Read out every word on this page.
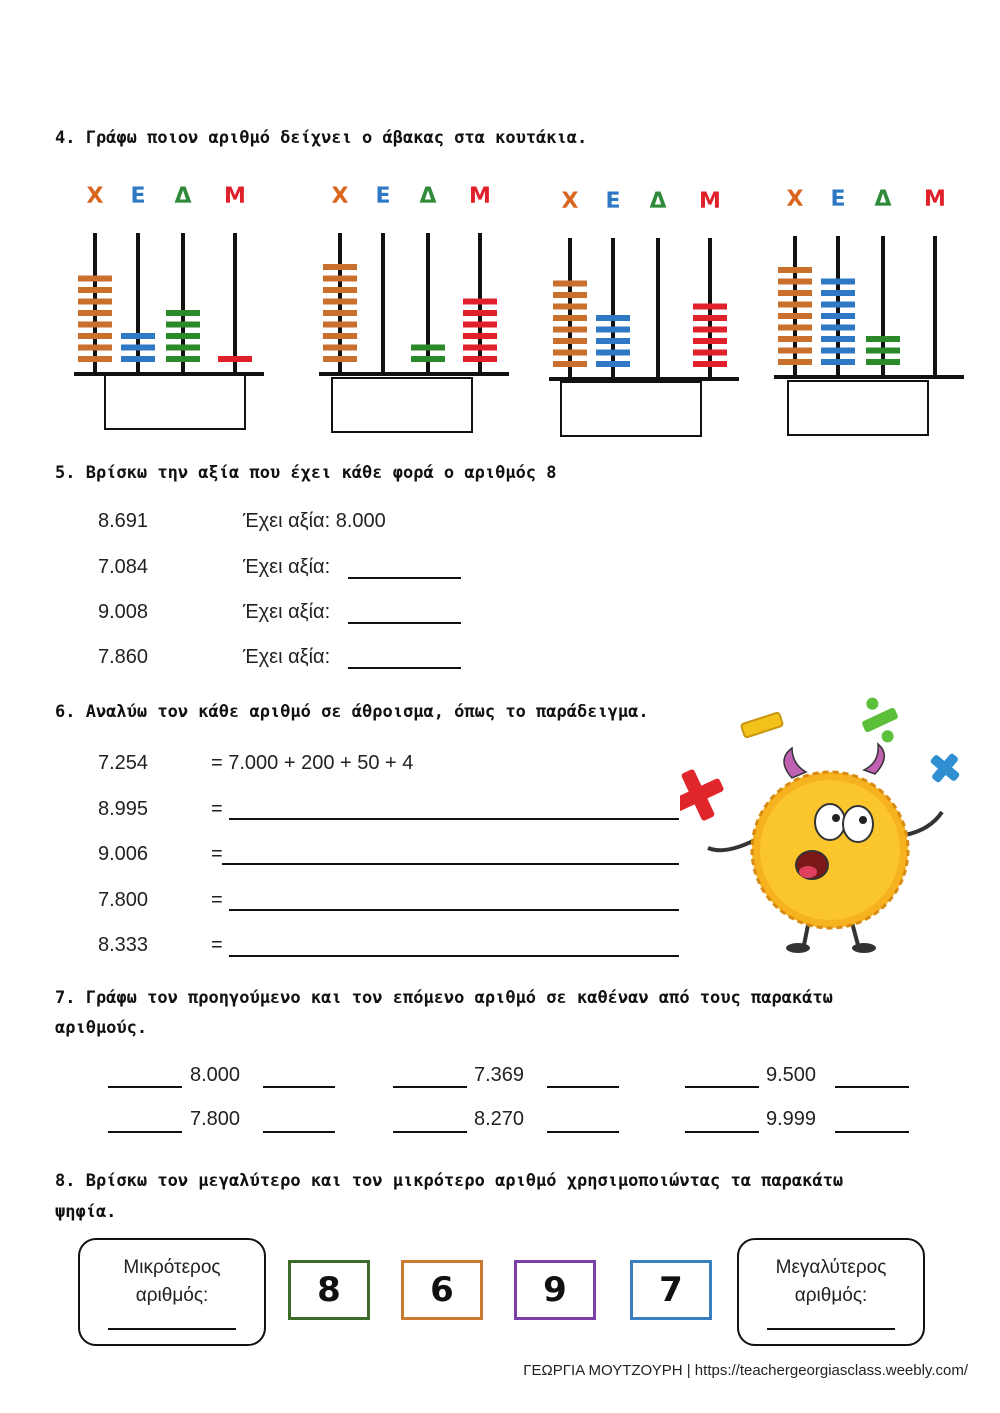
4. Γράφω ποιον αριθμό δείχνει ο άβακας στα κουτάκια.
Χ Ε Δ Μ	Χ Ε Δ Μ	Χ Ε Δ Μ	Χ Ε Δ Μ
5. Βρίσκω την αξία που έχει κάθε φορά ο αριθμός 8
8.691	Έχει αξία: 8.000
7.084	Έχει αξία:
9.008	Έχει αξία:
7.860	Έχει αξία:
6. Αναλύω τον κάθε αριθμό σε άθροισμα, όπως το παράδειγμα.
7.254	= 7.000 + 200 + 50 + 4
8.995	=
9.006	=
7.800	=
8.333	=
7. Γράφω τον προηγούμενο και τον επόμενο αριθμό σε καθέναν από τους παρακάτω
αριθμούς.
8.000	7.369	9.500
7.800	8.270	9.999
8. Βρίσκω τον μεγαλύτερο και τον μικρότερο αριθμό χρησιμοποιώντας τα παρακάτω
ψηφία.
Μικρότερος
αριθμός:	8	6	9	7
Μεγαλύτερος
αριθμός:
ΓΕΩΡΓΙΑ ΜΟΥΤΖΟΥΡΗ | https://teachergeorgiasclass.weebly.com/
